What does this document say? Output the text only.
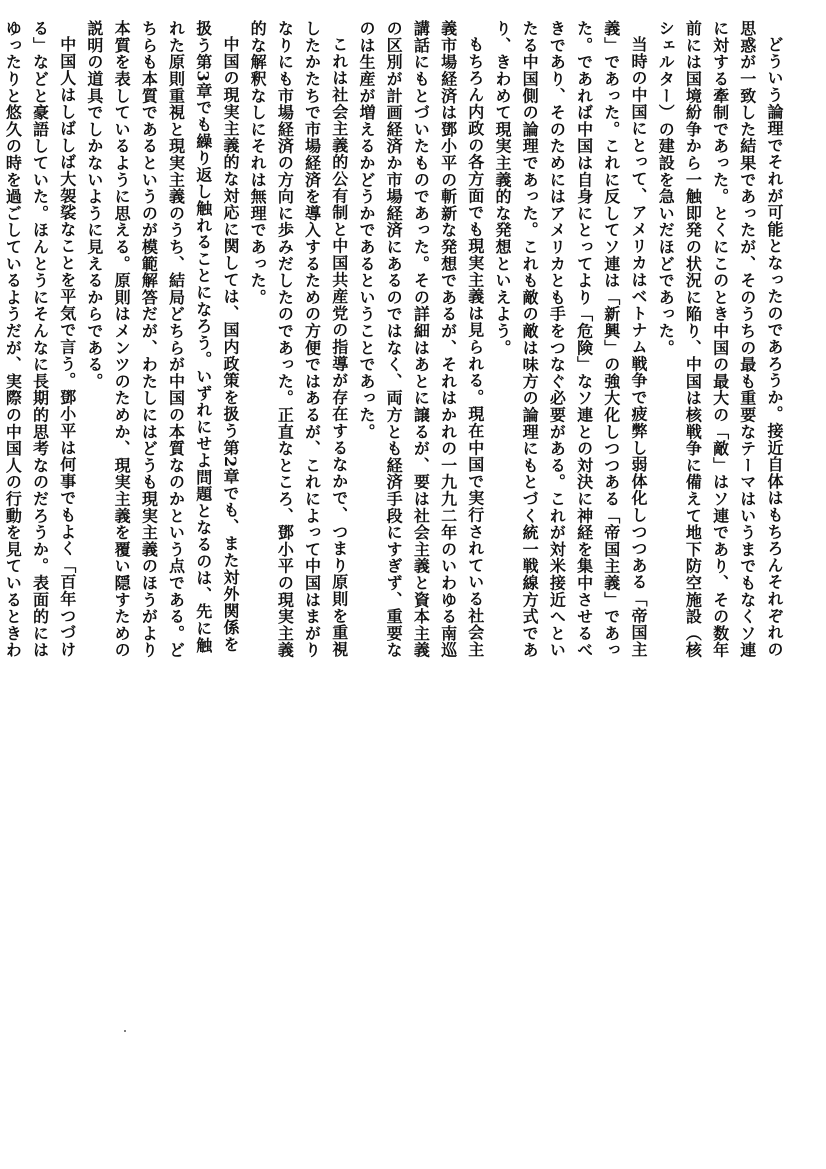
どういう論理でそれが可能となったのであろうか。接近自体はもちろんそれぞれの思惑が一致した結果であったが、そのうちの最も重要なテーマはいうまでもなくソ連に対する牽制であった。とくにこのとき中国の最大の「敵」はソ連であり、その数年前には国境紛争から一触即発の状況に陥り、中国は核戦争に備えて地下防空施設（核シェルター）の建設を急いだほどであった。

当時の中国にとって、アメリカはベトナム戦争で疲弊し弱体化しつつある「帝国主義」であった。これに反してソ連は「新興」の強大化しつつある「帝国主義」であった。であれば中国は自身にとってより「危険」なソ連との対決に神経を集中させるべきであり、そのためにはアメリカとも手をつなぐ必要がある。これが対米接近へといたる中国側の論理であった。これも敵の敵は味方の論理にもとづく統一戦線方式であり、きわめて現実主義的な発想といえよう。

もちろん内政の各方面でも現実主義は見られる。現在中国で実行されている社会主義市場経済は鄧小平の斬新な発想であるが、それはかれの一九九二年のいわゆる南巡講話にもとづいたものであった。その詳細はあとに譲るが、要は社会主義と資本主義の区別が計画経済か市場経済にあるのではなく、両方とも経済手段にすぎず、重要なのは生産が増えるかどうかであるということであった。

これは社会主義的公有制と中国共産党の指導が存在するなかで、つまり原則を重視したかたちで市場経済を導入するための方便ではあるが、これによって中国はまがりなりにも市場経済の方向に歩みだしたのであった。正直なところ、鄧小平の現実主義的な解釈なしにそれは無理であった。

中国の現実主義的な対応に関しては、国内政策を扱う第2章でも、また対外関係を扱う第3章でも繰り返し触れることになろう。いずれにせよ問題となるのは、先に触れた原則重視と現実主義のうち、結局どちらが中国の本質なのかという点である。どちらも本質であるというのが模範解答だが、わたしにはどうも現実主義のほうがより本質を表しているように思える。原則はメンツのためか、現実主義を覆い隠すための説明の道具でしかないように見えるからである。

中国人はしばしば大袈裟なことを平気で言う。鄧小平は何事でもよく「百年つづける」などと豪語していた。ほんとうにそんなに長期的思考なのだろうか。表面的にはゆったりと悠久の時を過ごしているようだが、実際の中国人の行動を見ているときわ
